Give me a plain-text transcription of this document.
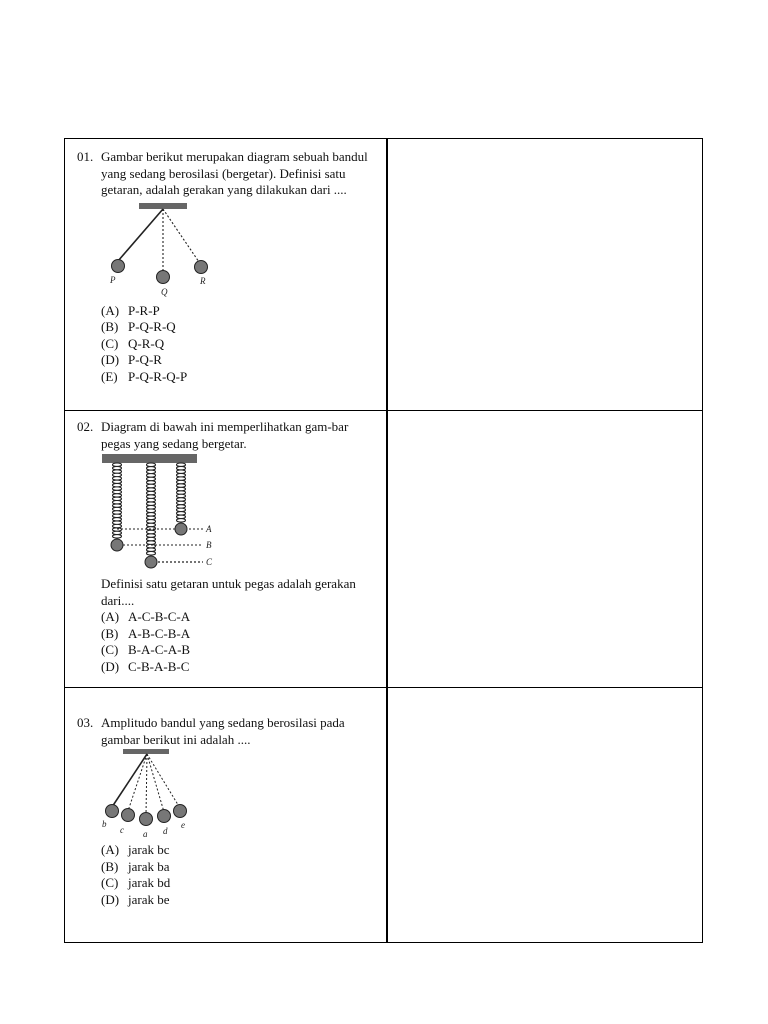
01. Gambar berikut merupakan diagram sebuah bandul yang sedang berosilasi (bergetar). Definisi satu getaran, adalah gerakan yang dilakukan dari ....
P
Q
R
(A) P-R-P
(B) P-Q-R-Q
(C) Q-R-Q
(D) P-Q-R
(E) P-Q-R-Q-P
02. Diagram di bawah ini memperlihatkan gam-bar pegas yang sedang bergetar.
A
B
C
Definisi satu getaran untuk pegas adalah gerakan dari....
(A) A-C-B-C-A
(B) A-B-C-B-A
(C) B-A-C-A-B
(D) C-B-A-B-C
03. Amplitudo bandul yang sedang berosilasi pada gambar berikut ini adalah ....
b
c a d
e
(A) jarak bc
(B) jarak ba
(C) jarak bd
(D) jarak be
